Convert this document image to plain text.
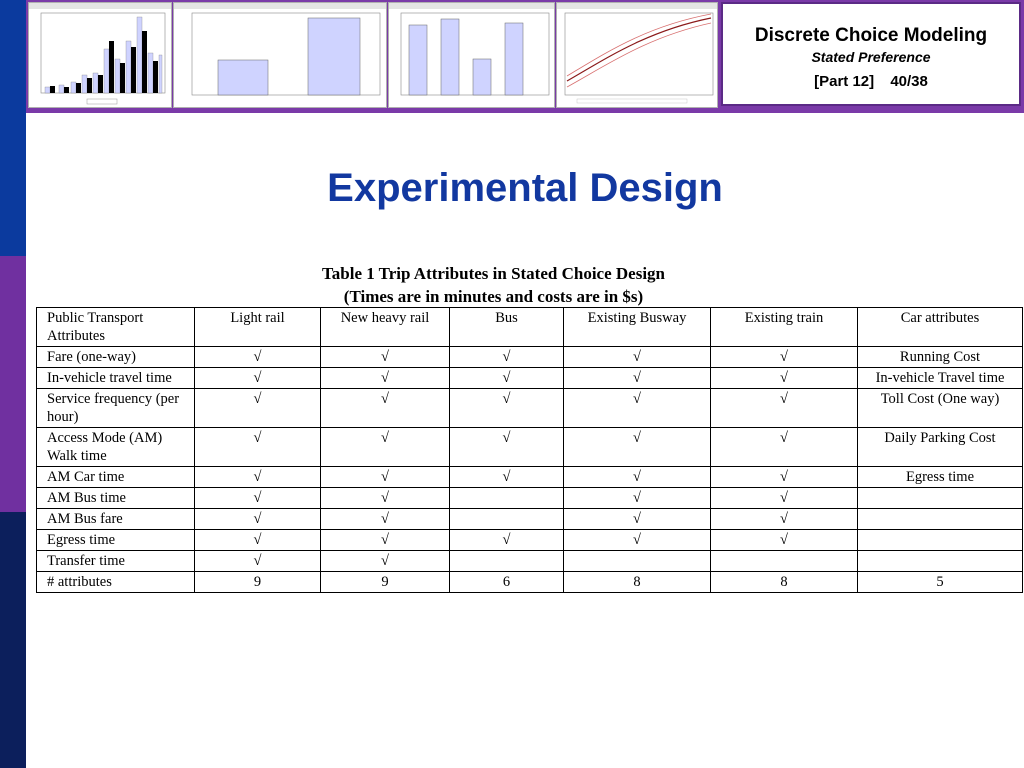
Discrete Choice Modeling
Stated Preference
[Part 12] 40/38
Experimental Design
Table 1 Trip Attributes in Stated Choice Design
(Times are in minutes and costs are in $s)
Public Transport Attributes	Light rail	New heavy rail	Bus	Existing Busway	Existing train	Car attributes
Fare (one-way)	√	√	√	√	√	Running Cost
In-vehicle travel time	√	√	√	√	√	In-vehicle Travel time
Service frequency (per hour)	√	√	√	√	√	Toll Cost (One way)
Access Mode (AM) Walk time	√	√	√	√	√	Daily Parking Cost
AM Car time	√	√	√	√	√	Egress time
AM Bus time	√	√		√	√	
AM Bus fare	√	√		√	√	
Egress time	√	√	√	√	√	
Transfer time	√	√				
# attributes	9	9	6	8	8	5
